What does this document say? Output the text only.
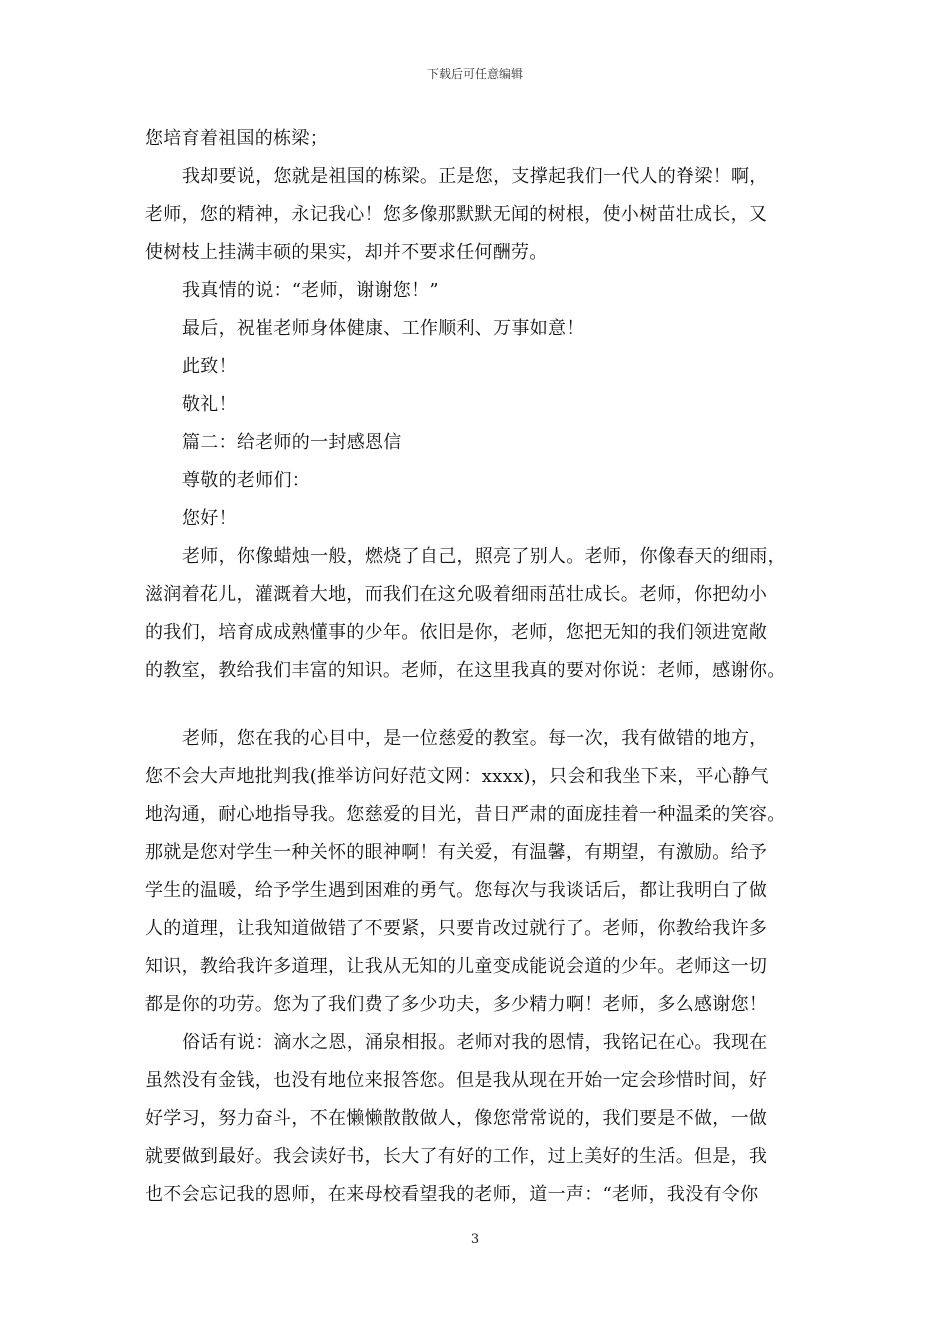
下载后可任意编辑
您培育着祖国的栋梁；
我却要说，您就是祖国的栋梁。正是您，支撑起我们一代人的脊梁！啊，
老师，您的精神，永记我心！您多像那默默无闻的树根，使小树苗壮成长，又
使树枝上挂满丰硕的果实，却并不要求任何酬劳。
我真情的说：“老师，谢谢您！”
最后，祝崔老师身体健康、工作顺利、万事如意！
此致！
敬礼！
篇二：给老师的一封感恩信
尊敬的老师们：
您好！
老师，你像蜡烛一般，燃烧了自己，照亮了别人。老师，你像春天的细雨，
滋润着花儿，灌溉着大地，而我们在这允吸着细雨茁壮成长。老师，你把幼小
的我们，培育成成熟懂事的少年。依旧是你，老师，您把无知的我们领进宽敞
的教室，教给我们丰富的知识。老师，在这里我真的要对你说：老师，感谢你。
老师，您在我的心目中，是一位慈爱的教室。每一次，我有做错的地方，
您不会大声地批判我(推举访问好范文网：xxxx)，只会和我坐下来，平心静气
地沟通，耐心地指导我。您慈爱的目光，昔日严肃的面庞挂着一种温柔的笑容。
那就是您对学生一种关怀的眼神啊！有关爱，有温馨，有期望，有激励。给予
学生的温暖，给予学生遇到困难的勇气。您每次与我谈话后，都让我明白了做
人的道理，让我知道做错了不要紧，只要肯改过就行了。老师，你教给我许多
知识，教给我许多道理，让我从无知的儿童变成能说会道的少年。老师这一切
都是你的功劳。您为了我们费了多少功夫，多少精力啊！老师，多么感谢您！
俗话有说：滴水之恩，涌泉相报。老师对我的恩情，我铭记在心。我现在
虽然没有金钱，也没有地位来报答您。但是我从现在开始一定会珍惜时间，好
好学习，努力奋斗，不在懒懒散散做人，像您常常说的，我们要是不做，一做
就要做到最好。我会读好书，长大了有好的工作，过上美好的生活。但是，我
也不会忘记我的恩师，在来母校看望我的老师，道一声：“老师，我没有令你
3
